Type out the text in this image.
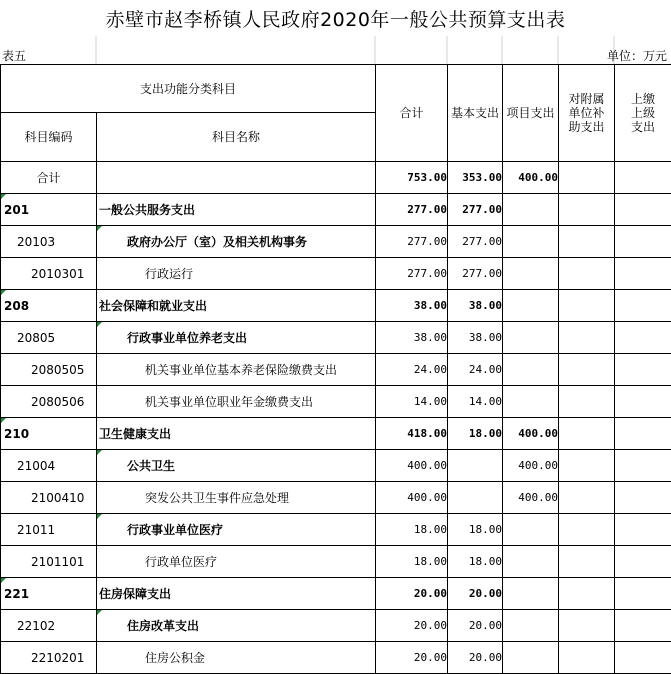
赤壁市赵李桥镇人民政府2020年一般公共预算支出表
表五	单位：万元
支出功能分类科目		合计	基本支出	项目支出	对附属单位补助支出	上缴上级支出
科目编码	科目名称					
合计		753.00	353.00	400.00		
201	一般公共服务支出	277.00	277.00			
20103	政府办公厅（室）及相关机构事务	277.00	277.00			
2010301	行政运行	277.00	277.00			
208	社会保障和就业支出	38.00	38.00			
20805	行政事业单位养老支出	38.00	38.00			
2080505	机关事业单位基本养老保险缴费支出	24.00	24.00			
2080506	机关事业单位职业年金缴费支出	14.00	14.00			
210	卫生健康支出	418.00	18.00	400.00		
21004	公共卫生	400.00		400.00		
2100410	突发公共卫生事件应急处理	400.00		400.00		
21011	行政事业单位医疗	18.00	18.00			
2101101	行政单位医疗	18.00	18.00			
221	住房保障支出	20.00	20.00			
22102	住房改革支出	20.00	20.00			
2210201	住房公积金	20.00	20.00			
